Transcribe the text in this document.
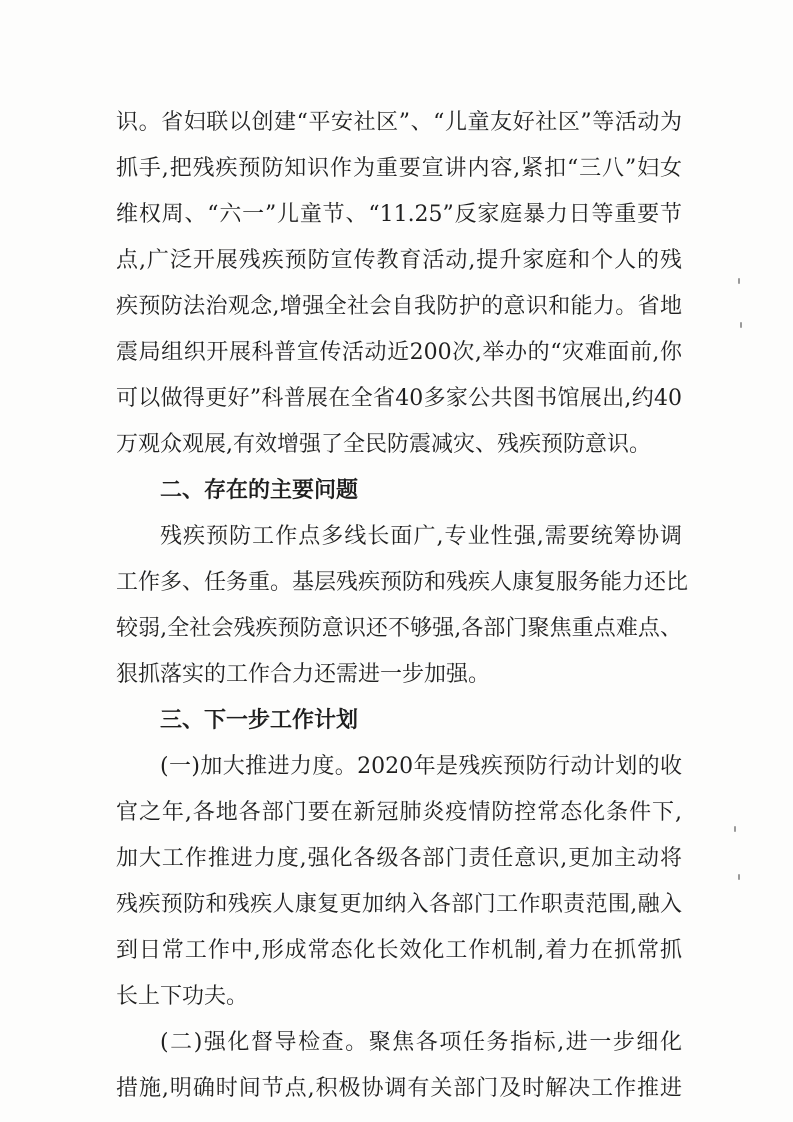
识。省妇联以创建“平安社区”、“儿童友好社区”等活动为
抓手,把残疾预防知识作为重要宣讲内容,紧扣“三八”妇女
维权周、“六一”儿童节、“11.25”反家庭暴力日等重要节
点,广泛开展残疾预防宣传教育活动,提升家庭和个人的残
疾预防法治观念,增强全社会自我防护的意识和能力。省地
震局组织开展科普宣传活动近200次,举办的“灾难面前,你
可以做得更好”科普展在全省40多家公共图书馆展出,约40
万观众观展,有效增强了全民防震减灾、残疾预防意识。
二、存在的主要问题
残疾预防工作点多线长面广,专业性强,需要统筹协调
工作多、任务重。基层残疾预防和残疾人康复服务能力还比
较弱,全社会残疾预防意识还不够强,各部门聚焦重点难点、
狠抓落实的工作合力还需进一步加强。
三、下一步工作计划
(一)加大推进力度。2020年是残疾预防行动计划的收
官之年,各地各部门要在新冠肺炎疫情防控常态化条件下,
加大工作推进力度,强化各级各部门责任意识,更加主动将
残疾预防和残疾人康复更加纳入各部门工作职责范围,融入
到日常工作中,形成常态化长效化工作机制,着力在抓常抓
长上下功夫。
(二)强化督导检查。聚焦各项任务指标,进一步细化
措施,明确时间节点,积极协调有关部门及时解决工作推进
